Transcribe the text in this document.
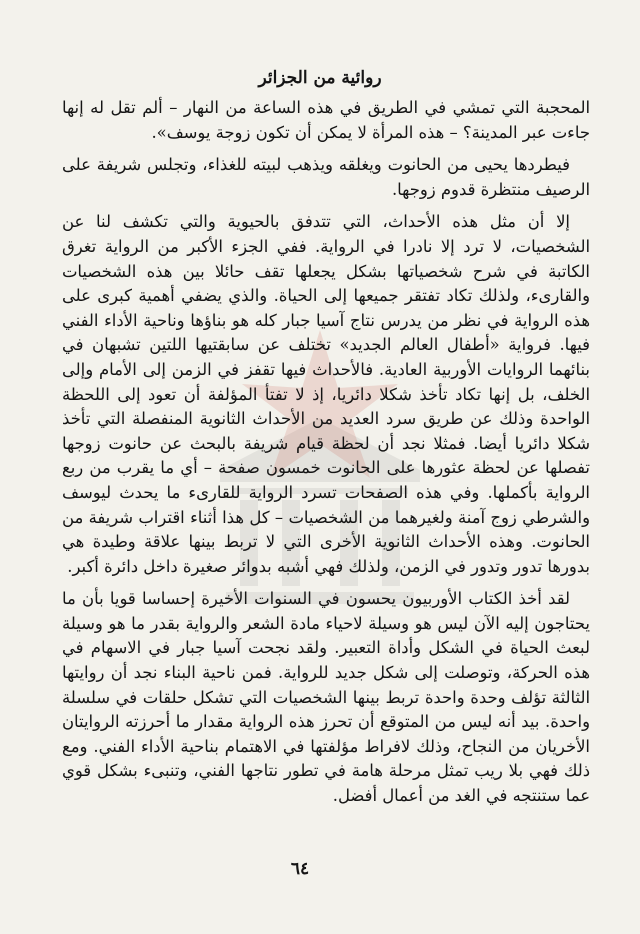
روائية من الجزائر

المحجبة التي تمشي في الطريق في هذه الساعة من النهار – ألم تقل له إنها جاءت عبر المدينة؟ – هذه المرأة لا يمكن أن تكون زوجة يوسف».

فيطردها يحيى من الحانوت ويغلقه ويذهب لبيته للغذاء، وتجلس شريفة على الرصيف منتظرة قدوم زوجها.

إلا أن مثل هذه الأحداث، التي تتدفق بالحيوية والتي تكشف لنا عن الشخصيات، لا ترد إلا نادرا في الرواية. ففي الجزء الأكبر من الرواية تغرق الكاتبة في شرح شخصياتها بشكل يجعلها تقف حائلا بين هذه الشخصيات والقارىء، ولذلك تكاد تفتقر جميعها إلى الحياة. والذي يضفي أهمية كبرى على هذه الرواية في نظر من يدرس نتاج آسيا جبار كله هو بناؤها وناحية الأداء الفني فيها. فرواية «أطفال العالم الجديد» تختلف عن سابقتيها اللتين تشبهان في بنائهما الروايات الأوربية العادية. فالأحداث فيها تقفز في الزمن إلى الأمام وإلى الخلف، بل إنها تكاد تأخذ شكلا دائريا، إذ لا تفتأ المؤلفة أن تعود إلى اللحظة الواحدة وذلك عن طريق سرد العديد من الأحداث الثانوية المنفصلة التي تأخذ شكلا دائريا أيضا. فمثلا نجد أن لحظة قيام شريفة بالبحث عن حانوت زوجها تفصلها عن لحظة عثورها على الحانوت خمسون صفحة – أي ما يقرب من ربع الرواية بأكملها. وفي هذه الصفحات تسرد الرواية للقارىء ما يحدث ليوسف والشرطي زوج آمنة ولغيرهما من الشخصيات – كل هذا أثناء اقتراب شريفة من الحانوت. وهذه الأحداث الثانوية الأخرى التي لا تربط بينها علاقة وطيدة هي بدورها تدور وتدور في الزمن، ولذلك فهي أشبه بدوائر صغيرة داخل دائرة أكبر.

لقد أخذ الكتاب الأوربيون يحسون في السنوات الأخيرة إحساسا قويا بأن ما يحتاجون إليه الآن ليس هو وسيلة لاحياء مادة الشعر والرواية بقدر ما هو وسيلة لبعث الحياة في الشكل وأداة التعبير. ولقد نجحت آسيا جبار في الاسهام في هذه الحركة، وتوصلت إلى شكل جديد للرواية. فمن ناحية البناء نجد أن روايتها الثالثة تؤلف وحدة واحدة تربط بينها الشخصيات التي تشكل حلقات في سلسلة واحدة. بيد أنه ليس من المتوقع أن تحرز هذه الرواية مقدار ما أحرزته الروايتان الأخريان من النجاح، وذلك لافراط مؤلفتها في الاهتمام بناحية الأداء الفني. ومع ذلك فهي بلا ريب تمثل مرحلة هامة في تطور نتاجها الفني، وتنبىء بشكل قوي عما ستنتجه في الغد من أعمال أفضل.

٦٤
